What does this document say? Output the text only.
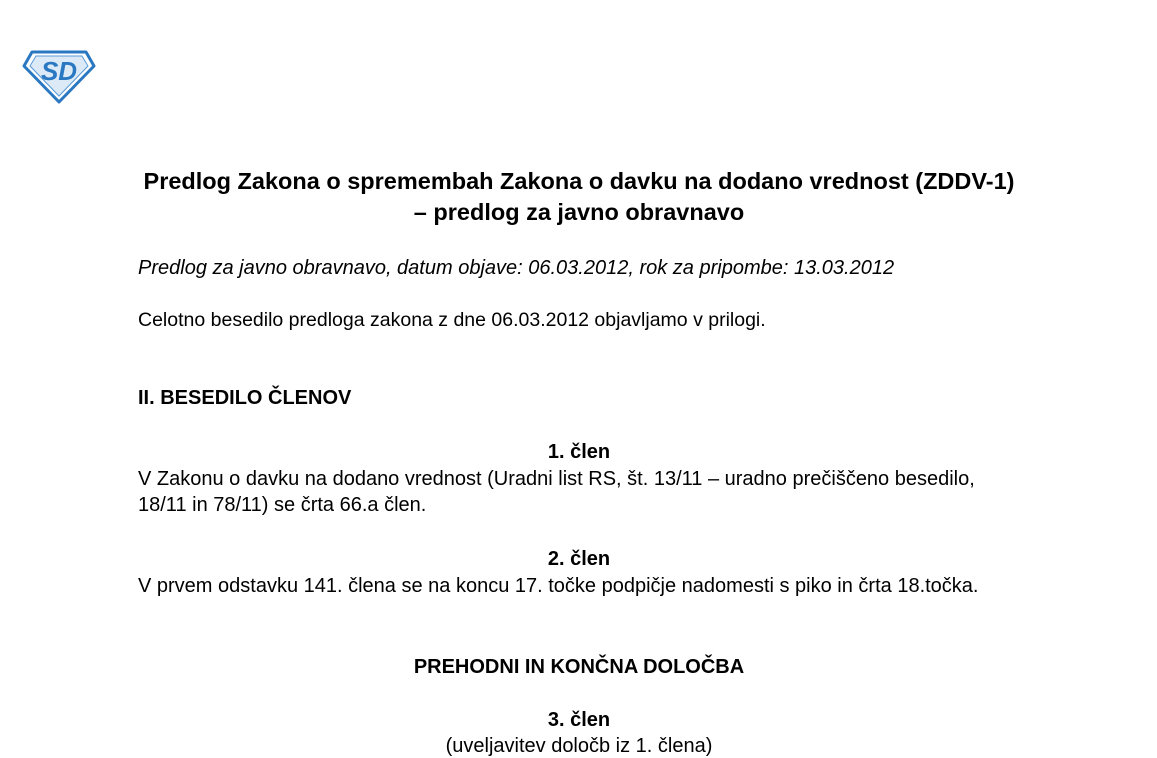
SD
Predlog Zakona o spremembah Zakona o davku na dodano vrednost (ZDDV-1) – predlog za javno obravnavo

Predlog za javno obravnavo, datum objave: 06.03.2012, rok za pripombe: 13.03.2012

Celotno besedilo predloga zakona z dne 06.03.2012 objavljamo v prilogi.

II. BESEDILO ČLENOV

1. člen

V Zakonu o davku na dodano vrednost (Uradni list RS, št. 13/11 – uradno prečiščeno besedilo, 18/11 in 78/11) se črta 66.a člen.

2. člen

V prvem odstavku 141. člena se na koncu 17. točke podpičje nadomesti s piko in črta 18.točka.

PREHODNI IN KONČNA DOLOČBA

3. člen

(uveljavitev določb iz 1. člena)
